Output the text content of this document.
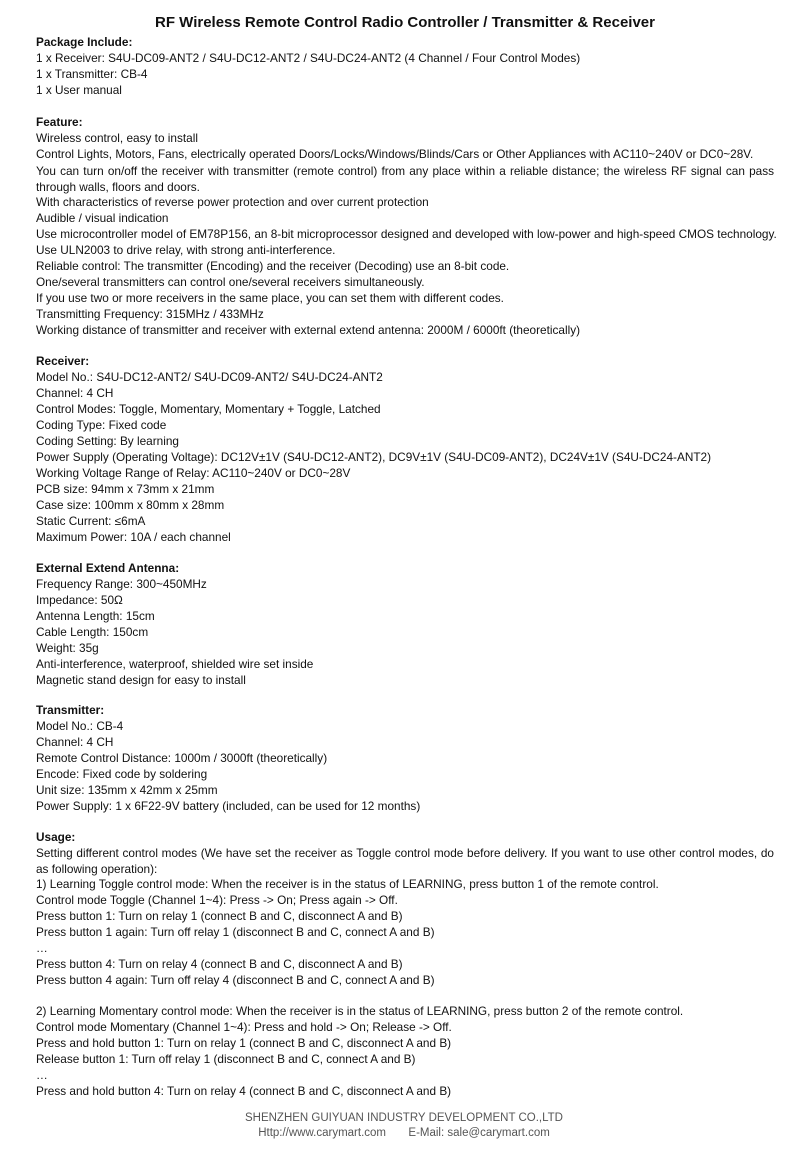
RF Wireless Remote Control Radio Controller / Transmitter & Receiver
Package Include:
1 x Receiver: S4U-DC09-ANT2 / S4U-DC12-ANT2 / S4U-DC24-ANT2 (4 Channel / Four Control Modes)
1 x Transmitter: CB-4
1 x User manual
Feature:
Wireless control, easy to install
Control Lights, Motors, Fans, electrically operated Doors/Locks/Windows/Blinds/Cars or Other Appliances with AC110~240V or DC0~28V.
You can turn on/off the receiver with transmitter (remote control) from any place within a reliable distance; the wireless RF signal can pass through walls, floors and doors.
With characteristics of reverse power protection and over current protection
Audible / visual indication
Use microcontroller model of EM78P156, an 8-bit microprocessor designed and developed with low-power and high-speed CMOS technology.
Use ULN2003 to drive relay, with strong anti-interference.
Reliable control: The transmitter (Encoding) and the receiver (Decoding) use an 8-bit code.
One/several transmitters can control one/several receivers simultaneously.
If you use two or more receivers in the same place, you can set them with different codes.
Transmitting Frequency: 315MHz / 433MHz
Working distance of transmitter and receiver with external extend antenna: 2000M / 6000ft (theoretically)
Receiver:
Model No.: S4U-DC12-ANT2/ S4U-DC09-ANT2/ S4U-DC24-ANT2
Channel: 4 CH
Control Modes: Toggle, Momentary, Momentary + Toggle, Latched
Coding Type: Fixed code
Coding Setting: By learning
Power Supply (Operating Voltage): DC12V±1V (S4U-DC12-ANT2), DC9V±1V (S4U-DC09-ANT2), DC24V±1V (S4U-DC24-ANT2)
Working Voltage Range of Relay: AC110~240V or DC0~28V
PCB size: 94mm x 73mm x 21mm
Case size: 100mm x 80mm x 28mm
Static Current: ≤6mA
Maximum Power: 10A / each channel
External Extend Antenna:
Frequency Range: 300~450MHz
Impedance: 50Ω
Antenna Length: 15cm
Cable Length: 150cm
Weight: 35g
Anti-interference, waterproof, shielded wire set inside
Magnetic stand design for easy to install
Transmitter:
Model No.: CB-4
Channel: 4 CH
Remote Control Distance: 1000m / 3000ft (theoretically)
Encode: Fixed code by soldering
Unit size: 135mm x 42mm x 25mm
Power Supply: 1 x 6F22-9V battery (included, can be used for 12 months)
Usage:
Setting different control modes (We have set the receiver as Toggle control mode before delivery. If you want to use other control modes, do as following operation):
1) Learning Toggle control mode: When the receiver is in the status of LEARNING, press button 1 of the remote control.
Control mode Toggle (Channel 1~4): Press -> On; Press again -> Off.
Press button 1: Turn on relay 1 (connect B and C, disconnect A and B)
Press button 1 again: Turn off relay 1 (disconnect B and C, connect A and B)
…
Press button 4: Turn on relay 4 (connect B and C, disconnect A and B)
Press button 4 again: Turn off relay 4 (disconnect B and C, connect A and B)
2) Learning Momentary control mode: When the receiver is in the status of LEARNING, press button 2 of the remote control.
Control mode Momentary (Channel 1~4): Press and hold -> On; Release -> Off.
Press and hold button 1: Turn on relay 1 (connect B and C, disconnect A and B)
Release button 1: Turn off relay 1 (disconnect B and C, connect A and B)
…
Press and hold button 4: Turn on relay 4 (connect B and C, disconnect A and B)
SHENZHEN GUIYUAN INDUSTRY DEVELOPMENT CO.,LTD
Http://www.carymart.com E-Mail: sale@carymart.com
